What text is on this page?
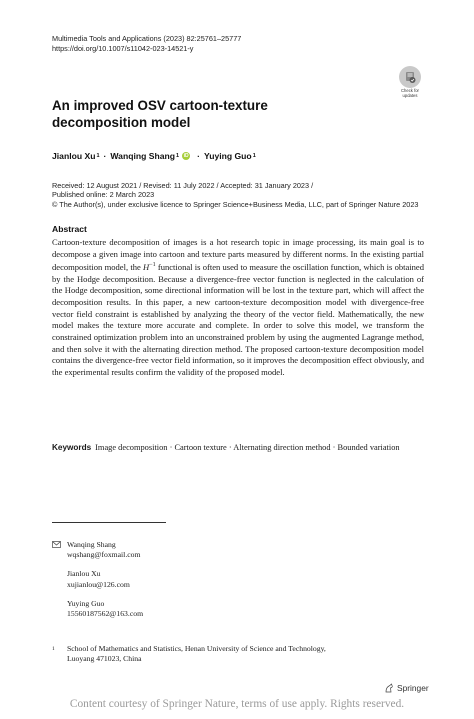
Multimedia Tools and Applications (2023) 82:25761–25777
https://doi.org/10.1007/s11042-023-14521-y
Check for
updates
An improved OSV cartoon-texture
decomposition model
Jianlou Xu 1 · Wanqing Shang 1 iD · Yuying Guo 1
Received: 12 August 2021 / Revised: 11 July 2022 / Accepted: 31 January 2023 /
Published online: 2 March 2023
© The Author(s), under exclusive licence to Springer Science+Business Media, LLC, part of Springer Nature 2023
Abstract
Cartoon-texture decomposition of images is a hot research topic in image processing, its main goal is to decompose a given image into cartoon and texture parts measured by different norms. In the existing partial decomposition model, the $H^{-1}$ functional is often used to measure the oscillation function, which is obtained by the Hodge decomposition. Because a divergence-free vector function is neglected in the calculation of the Hodge decomposition, some directional information will be lost in the texture part, which will affect the decomposition results. In this paper, a new cartoon-texture decomposition model with divergence-free vector field constraint is established by analyzing the theory of the vector field. Mathematically, the new model makes the texture more accurate and complete. In order to solve this model, we transform the constrained optimization problem into an unconstrained problem by using the augmented Lagrange method, and then solve it with the alternating direction method. The proposed cartoon-texture decomposition model contains the divergence-free vector field information, so it improves the decomposition effect obviously, and the experimental results confirm the validity of the proposed model.
Keywords Image decomposition · Cartoon texture · Alternating direction method · Bounded variation
Wanqing Shang
wqshang@foxmail.com
Jianlou Xu
xujianlou@126.com
Yuying Guo
15560187562@163.com
1	School of Mathematics and Statistics, Henan University of Science and Technology,
Luoyang 471023, China
Springer
Content courtesy of Springer Nature, terms of use apply. Rights reserved.
